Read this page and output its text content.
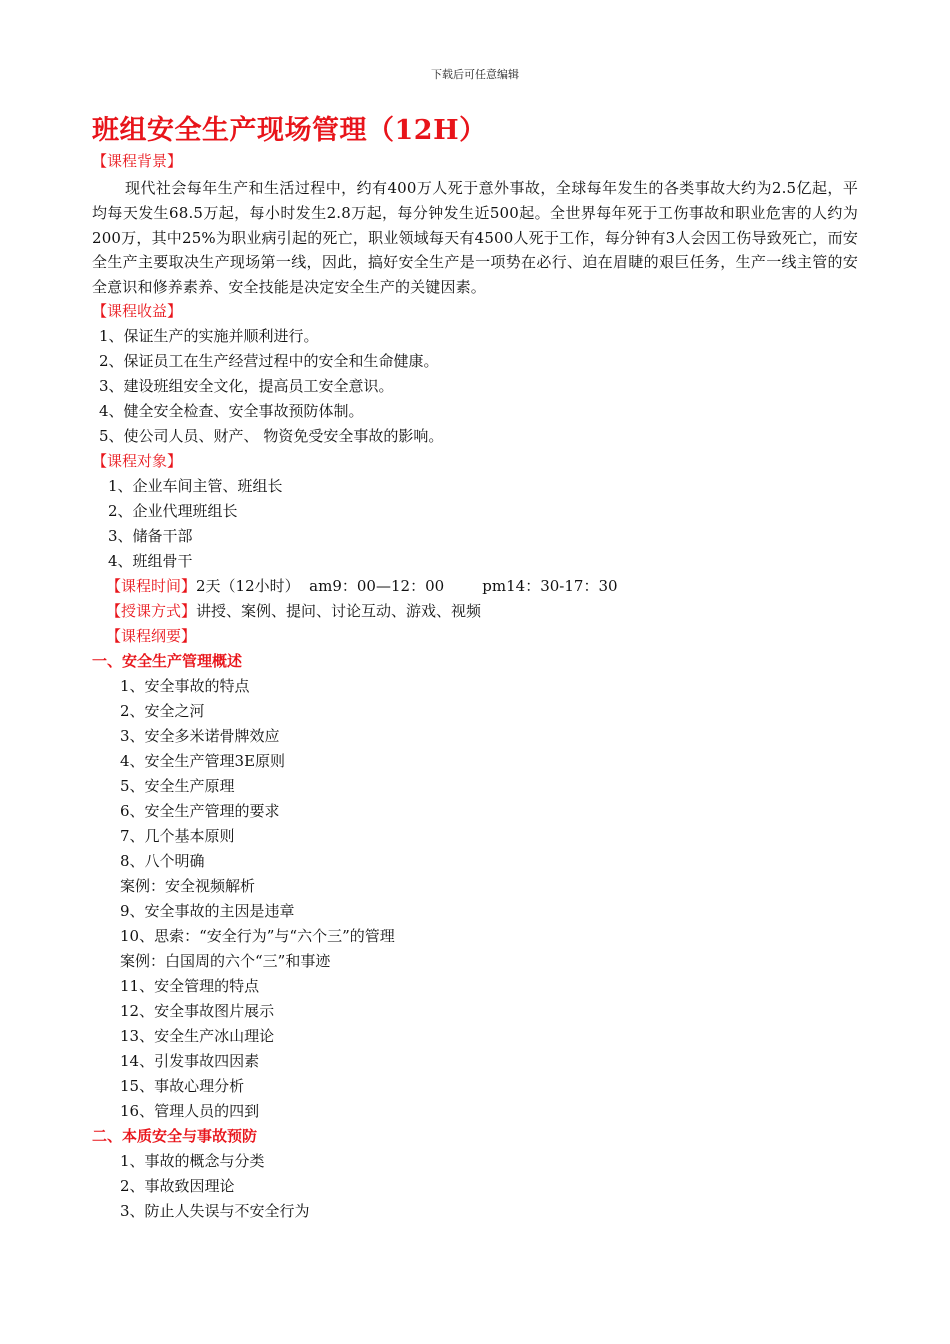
下载后可任意编辑
班组安全生产现场管理（12H）
【课程背景】
现代社会每年生产和生活过程中，约有400万人死于意外事故，全球每年发生的各类事故大约为2.5亿起，平均每天发生68.5万起，每小时发生2.8万起，每分钟发生近500起。全世界每年死于工伤事故和职业危害的人约为200万，其中25%为职业病引起的死亡，职业领域每天有4500人死于工作，每分钟有3人会因工伤导致死亡，而安全生产主要取决生产现场第一线，因此，搞好安全生产是一项势在必行、迫在眉睫的艰巨任务，生产一线主管的安全意识和修养素养、安全技能是决定安全生产的关键因素。
【课程收益】
1、保证生产的实施并顺利进行。
2、保证员工在生产经营过程中的安全和生命健康。
3、建设班组安全文化，提高员工安全意识。
4、健全安全检查、安全事故预防体制。
5、使公司人员、财产、 物资免受安全事故的影响。
【课程对象】
1、企业车间主管、班组长
2、企业代理班组长
3、储备干部
4、班组骨干
【课程时间】2天（12小时）  am9：00—12：00        pm14：30-17：30
【授课方式】讲授、案例、提问、讨论互动、游戏、视频
【课程纲要】
一、安全生产管理概述
1、安全事故的特点
2、安全之河
3、安全多米诺骨牌效应
4、安全生产管理3E原则
5、安全生产原理
6、安全生产管理的要求
7、几个基本原则
8、八个明确
案例：安全视频解析
9、安全事故的主因是违章
10、思索：“安全行为”与“六个三”的管理
案例：白国周的六个“三”和事迹
11、安全管理的特点
12、安全事故图片展示
13、安全生产冰山理论
14、引发事故四因素
15、事故心理分析
16、管理人员的四到
二、本质安全与事故预防
1、事故的概念与分类
2、事故致因理论
3、防止人失误与不安全行为
